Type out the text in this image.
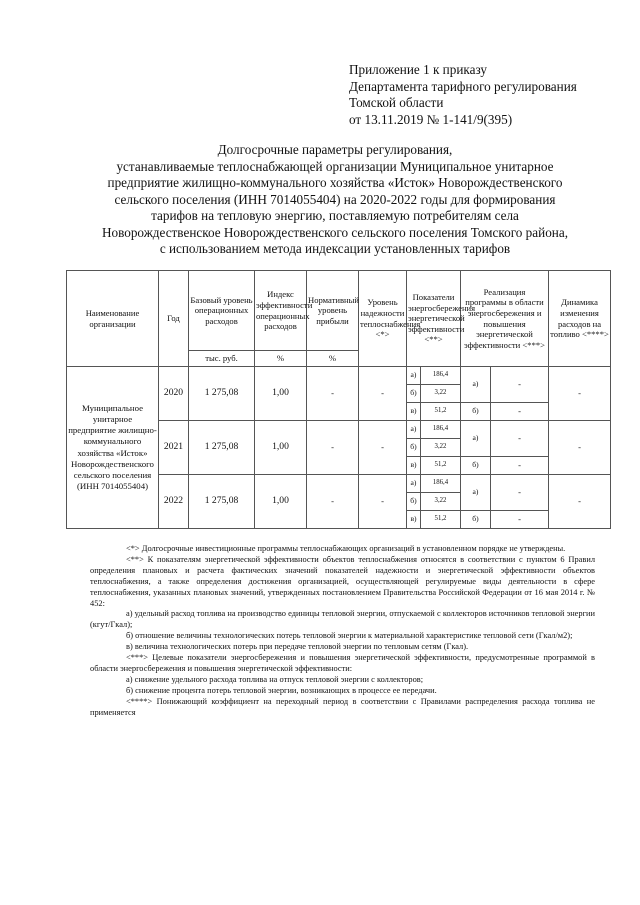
Приложение 1 к приказу
Департамента тарифного регулирования
Томской области
от 13.11.2019 № 1-141/9(395)
Долгосрочные параметры регулирования,
устанавливаемые теплоснабжающей организации Муниципальное унитарное
предприятие жилищно-коммунального хозяйства «Исток» Новорождественского
сельского поселения (ИНН 7014055404) на 2020-2022 годы для формирования
тарифов на тепловую энергию, поставляемую потребителям села
Новорождественское Новорождественского сельского поселения Томского района,
с использованием метода индексации установленных тарифов
Наименование организации	Год	Базовый уровень операционных расходов	Индекс эффективности операционных расходов	Нормативный уровень прибыли	Уровень надежности теплоснабжения <*>	Показатели энергосбережения энергетической эффективности <**>		Реализация программы в области энергосбережения и повышения энергетической эффективности <***>		Динамика изменения расходов на топливо <****>
		тыс. руб.	%	%						
Муниципальное унитарное предприятие жилищно-коммунального хозяйства «Исток» Новорождественского сельского поселения (ИНН 7014055404)	2020	1 275,08	1,00	-	-	а)	186,4	а)	-	-
						б)	3,22			
						в)	51,2	б)	-	
	2021	1 275,08	1,00	-	-	а)	186,4	а)	-	-
						б)	3,22			
						в)	51,2	б)	-	
	2022	1 275,08	1,00	-	-	а)	186,4	а)	-	-
						б)	3,22			
						в)	51,2	б)	-	

<*> Долгосрочные инвестиционные программы теплоснабжающих организаций в установленном порядке не утверждены.

<**> К показателям энергетической эффективности объектов теплоснабжения относятся в соответствии с пунктом 6 Правил определения плановых и расчета фактических значений показателей надежности и энергетической эффективности объектов теплоснабжения, а также определения достижения организацией, осуществляющей регулируемые виды деятельности в сфере теплоснабжения, указанных плановых значений, утвержденных постановлением Правительства Российской Федерации от 16 мая 2014 г. № 452:

а) удельный расход топлива на производство единицы тепловой энергии, отпускаемой с коллекторов источников тепловой энергии (кгут/Гкал);

б) отношение величины технологических потерь тепловой энергии к материальной характеристике тепловой сети (Гкал/м2);

в) величина технологических потерь при передаче тепловой энергии по тепловым сетям (Гкал).

<***> Целевые показатели энергосбережения и повышения энергетической эффективности, предусмотренные программой в области энергосбережения и повышения энергетической эффективности:

а) снижение удельного расхода топлива на отпуск тепловой энергии с коллекторов;

б) снижение процента потерь тепловой энергии, возникающих в процессе ее передачи.

<****> Понижающий коэффициент на переходный период в соответствии с Правилами распределения расхода топлива не применяется
